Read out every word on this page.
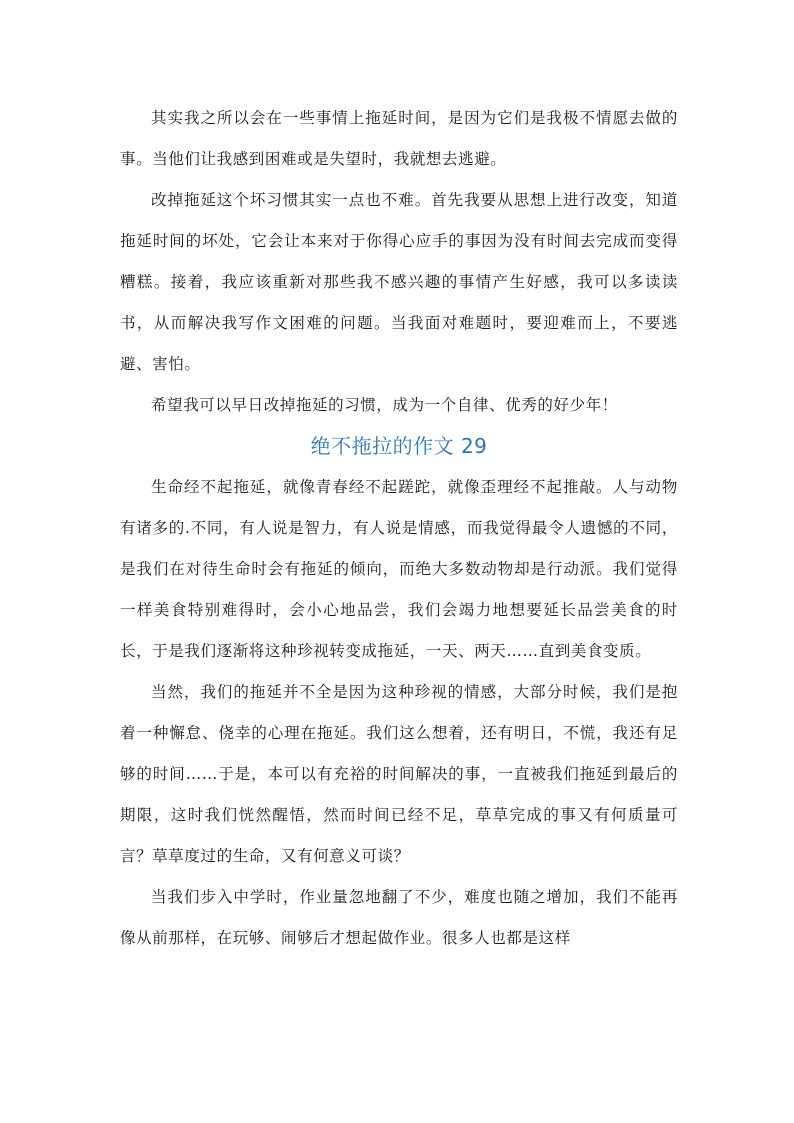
其实我之所以会在一些事情上拖延时间，是因为它们是我极不情愿去做的事。当他们让我感到困难或是失望时，我就想去逃避。

改掉拖延这个坏习惯其实一点也不难。首先我要从思想上进行改变，知道拖延时间的坏处，它会让本来对于你得心应手的事因为没有时间去完成而变得糟糕。接着，我应该重新对那些我不感兴趣的事情产生好感，我可以多读读书，从而解决我写作文困难的问题。当我面对难题时，要迎难而上，不要逃避、害怕。

希望我可以早日改掉拖延的习惯，成为一个自律、优秀的好少年！

绝不拖拉的作文 29

生命经不起拖延，就像青春经不起蹉跎，就像歪理经不起推敲。人与动物有诸多的.不同，有人说是智力，有人说是情感，而我觉得最令人遗憾的不同，是我们在对待生命时会有拖延的倾向，而绝大多数动物却是行动派。我们觉得一样美食特别难得时，会小心地品尝，我们会竭力地想要延长品尝美食的时长，于是我们逐渐将这种珍视转变成拖延，一天、两天……直到美食变质。

当然，我们的拖延并不全是因为这种珍视的情感，大部分时候，我们是抱着一种懈怠、侥幸的心理在拖延。我们这么想着，还有明日，不慌，我还有足够的时间……于是，本可以有充裕的时间解决的事，一直被我们拖延到最后的期限，这时我们恍然醒悟，然而时间已经不足，草草完成的事又有何质量可言？草草度过的生命，又有何意义可谈？

当我们步入中学时，作业量忽地翻了不少，难度也随之增加，我们不能再像从前那样，在玩够、闹够后才想起做作业。很多人也都是这样
